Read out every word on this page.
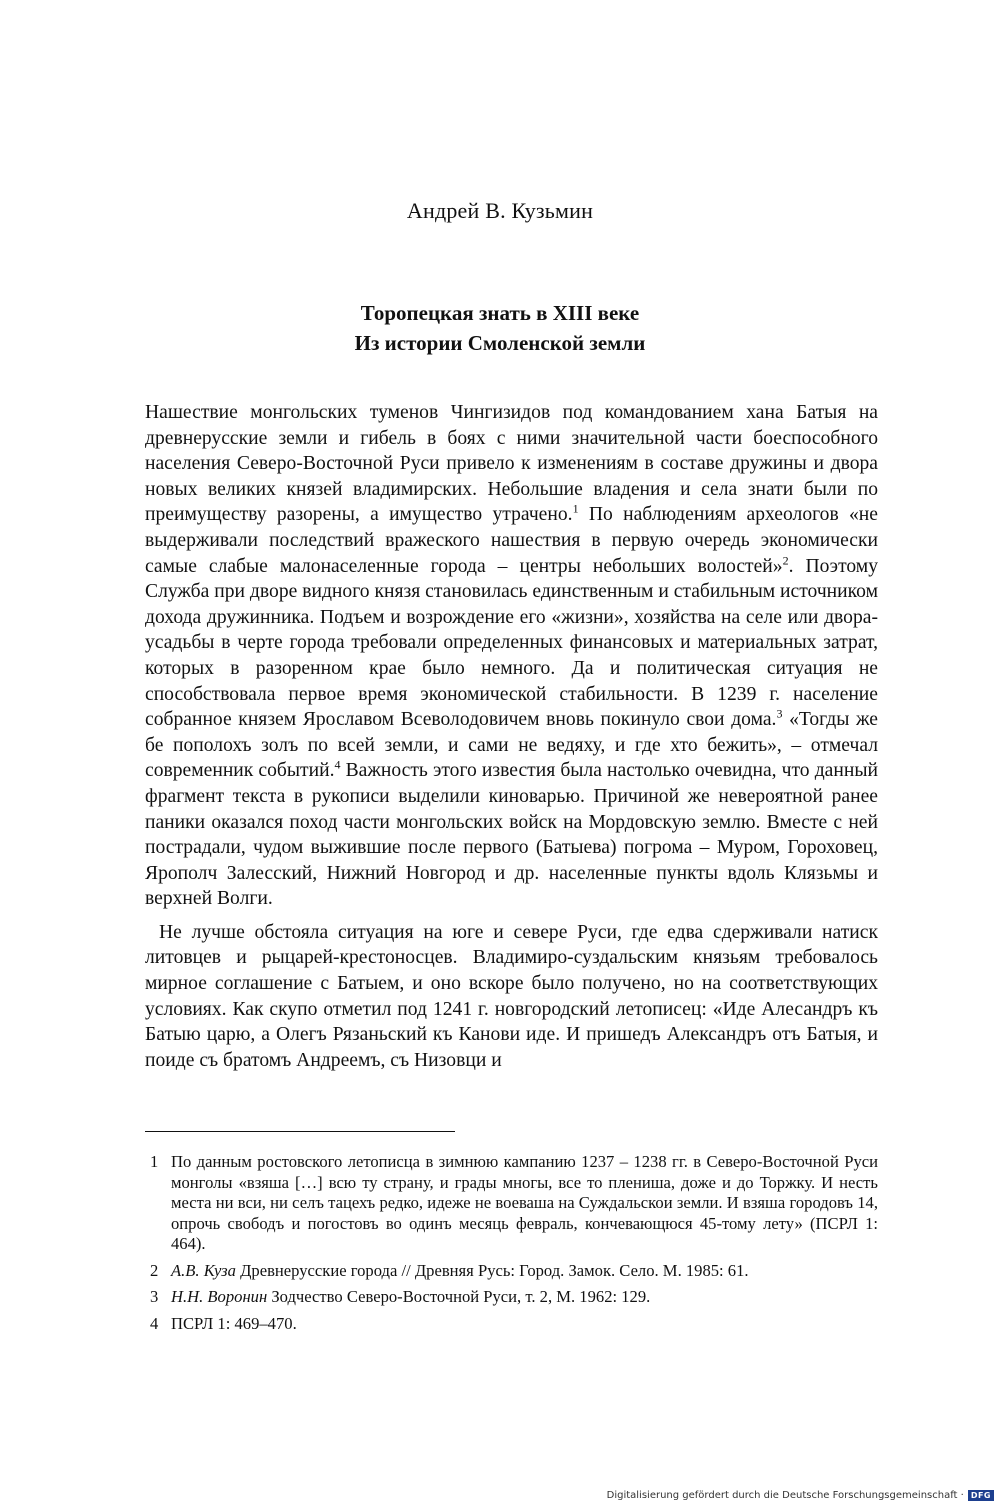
Андрей В. Кузьмин
Торопецкая знать в XIII веке
Из истории Смоленской земли

Нашествие монгольских туменов Чингизидов под командованием хана Батыя на древнерусские земли и гибель в боях с ними значительной части боеспособного населения Северо-Восточной Руси привело к изменениям в составе дружины и двора новых великих князей владимирских. Небольшие владения и села знати были по преимуществу разорены, а имущество утрачено.$^1$ По наблюдениям археологов «не выдерживали последствий вражеского нашествия в первую очередь экономически самые слабые малонаселенные города – центры небольших волостей»$^2$. Поэтому Служба при дворе видного князя становилась единственным и стабильным источником дохода дружинника. Подъем и возрождение его «жизни», хозяйства на селе или двора-усадьбы в черте города требовали определенных финансовых и материальных затрат, которых в разоренном крае было немного. Да и политическая ситуация не способствовала первое время экономической стабильности. В 1239 г. население собранное князем Ярославом Всеволодовичем вновь покинуло свои дома.$^3$ «Тогды же бе пополохъ золъ по всей земли, и сами не ведяху, и где хто бежить», – отмечал современник событий.$^4$ Важность этого известия была настолько очевидна, что данный фрагмент текста в рукописи выделили киноварью. Причиной же невероятной ранее паники оказался поход части монгольских войск на Мордовскую землю. Вместе с ней пострадали, чудом выжившие после первого (Батыева) погрома – Муром, Гороховец, Ярополч Залесский, Нижний Новгород и др. населенные пункты вдоль Клязьмы и верхней Волги.

Не лучше обстояла ситуация на юге и севере Руси, где едва сдерживали натиск литовцев и рыцарей-крестоносцев. Владимиро-суздальским князьям требовалось мирное соглашение с Батыем, и оно вскоре было получено, но на соответствующих условиях. Как скупо отметил под 1241 г. новгородский летописец: «Иде Алесандръ къ Батыю царю, а Олегъ Рязаньский къ Канови иде. И пришедъ Александръ отъ Батыя, и поиде съ братомъ Андреемъ, съ Низовци и

1 По данным ростовского летописца в зимнюю кампанию 1237 – 1238 гг. в Северо-Восточной Руси монголы «взяша […] всю ту страну, и грады многы, все то плениша, доже и до Торжку. И несть места ни вси, ни селъ тацехъ редко, идеже не воеваша на Суждальскои земли. И взяша городовъ 14, опрочь свободъ и погостовъ во одинъ месяць февраль, кончевающюся 45-тому лету» (ПСРЛ 1: 464).
2 А.В. Куза Древнерусские города // Древняя Русь: Город. Замок. Село. М. 1985: 61.
3 Н.Н. Воронин Зодчество Северо-Восточной Руси, т. 2, М. 1962: 129.
4 ПСРЛ 1: 469–470.
Digitalisierung gefördert durch die Deutsche Forschungsgemeinschaft · DFG
